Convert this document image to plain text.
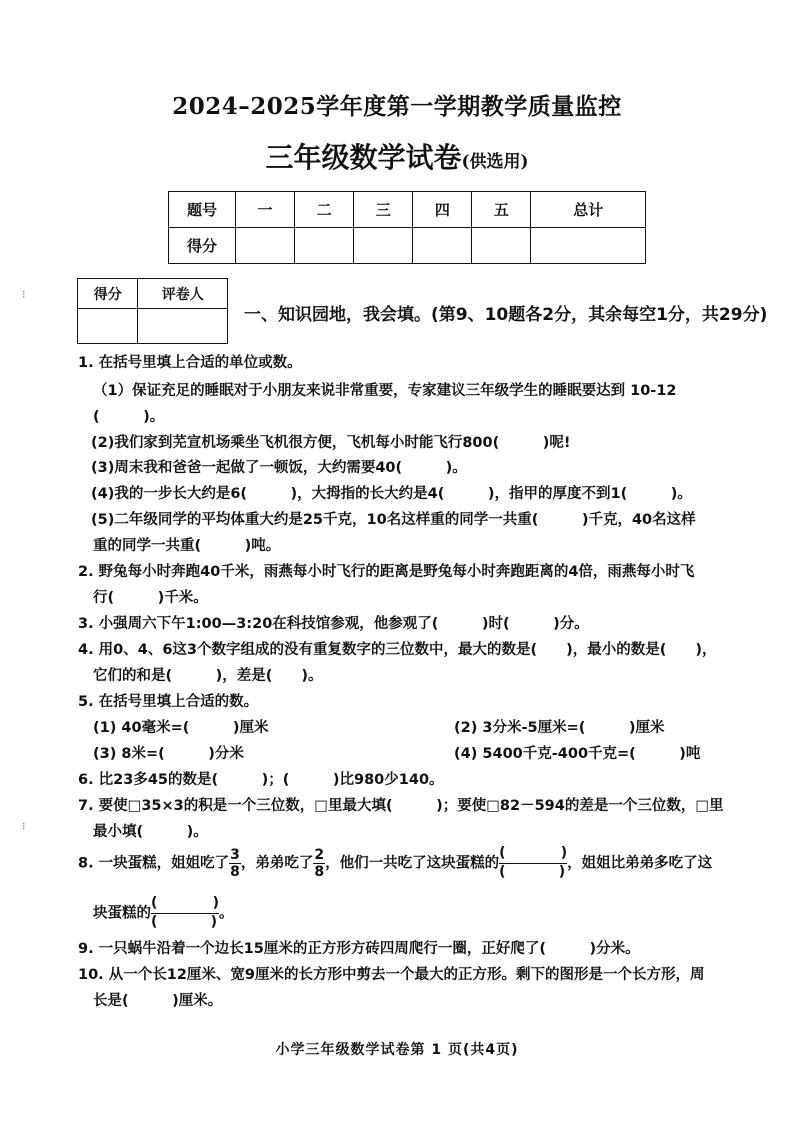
2024–2025学年度第一学期教学质量监控
三年级数学试卷(供选用)
题号	一	二	三	四	五	总计
得分						
得分	评卷人

一、知识园地，我会填。(第9、10题各2分，其余每空1分，共29分)
1. 在括号里填上合适的单位或数。
（1）保证充足的睡眠对于小朋友来说非常重要，专家建议三年级学生的睡眠要达到 10-12
(　　　)。
(2)我们家到芜宣机场乘坐飞机很方便，飞机每小时能飞行800(　　　)呢!
(3)周末我和爸爸一起做了一顿饭，大约需要40(　　　)。
(4)我的一步长大约是6(　　　)，大拇指的长大约是4(　　　)，指甲的厚度不到1(　　　)。
(5)二年级同学的平均体重大约是25千克，10名这样重的同学一共重(　　　)千克，40名这样
重的同学一共重(　　　)吨。
2. 野兔每小时奔跑40千米，雨燕每小时飞行的距离是野兔每小时奔跑距离的4倍，雨燕每小时飞
行(　　　)千米。
3. 小强周六下午1:00—3:20在科技馆参观，他参观了(　　　)时(　　　)分。
4. 用0、4、6这3个数字组成的没有重复数字的三位数中，最大的数是(　　)，最小的数是(　　)，
它们的和是(　　　)，差是(　　)。
5. 在括号里填上合适的数。
(1) 40毫米=(　　　)厘米	(2) 3分米-5厘米=(　　　)厘米
(3) 8米=(　　　)分米	(4) 5400千克-400千克=(　　　)吨
6. 比23多45的数是(　　　)；(　　　)比980少140。
7. 要使□35×3的积是一个三位数，□里最大填(　　　)；要使□82－594的差是一个三位数，□里
最小填(　　　)。
8. 一块蛋糕，姐姐吃了 $\frac{3}{8}$ ，弟弟吃了 $\frac{2}{8}$ ，他们一共吃了这块蛋糕的 ( )
( )	，姐姐比弟弟多吃了这
块蛋糕的 ( )
( )	。
9. 一只蜗牛沿着一个边长15厘米的正方形方砖四周爬行一圈，正好爬了(　　　)分米。
10. 从一个长12厘米、宽9厘米的长方形中剪去一个最大的正方形。剩下的图形是一个长方形，周
长是(　　　)厘米。
小学三年级数学试卷第 1 页(共4页)
⁝
⁝
